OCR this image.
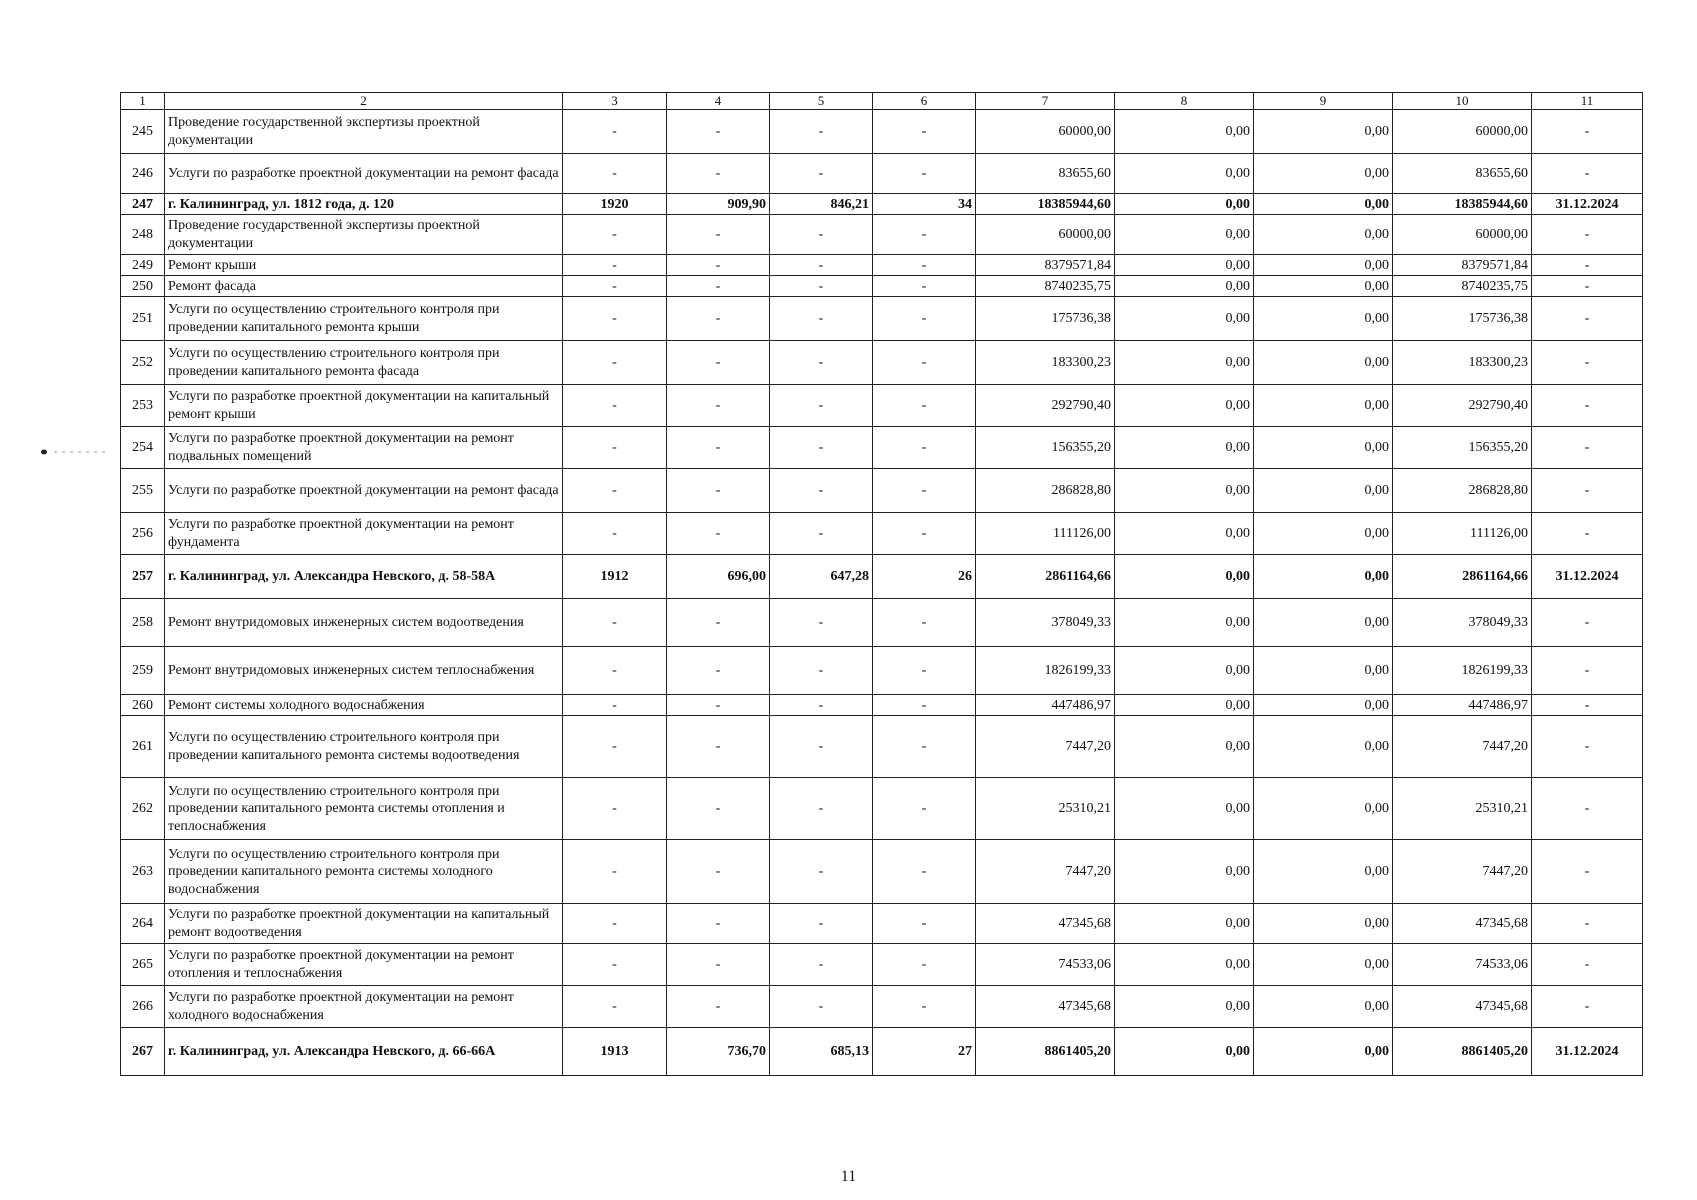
1	2	3	4	5	6	7	8	9	10	11
245	Проведение государственной экспертизы проектной документации	-	-	-	-	60000,00	0,00	0,00	60000,00	-
246	Услуги по разработке проектной документации на ремонт фасада	-	-	-	-	83655,60	0,00	0,00	83655,60	-
247	г. Калининград, ул. 1812 года, д. 120	1920	909,90	846,21	34	18385944,60	0,00	0,00	18385944,60	31.12.2024
248	Проведение государственной экспертизы проектной документации	-	-	-	-	60000,00	0,00	0,00	60000,00	-
249	Ремонт крыши	-	-	-	-	8379571,84	0,00	0,00	8379571,84	-
250	Ремонт фасада	-	-	-	-	8740235,75	0,00	0,00	8740235,75	-
251	Услуги по осуществлению строительного контроля при проведении капитального ремонта крыши	-	-	-	-	175736,38	0,00	0,00	175736,38	-
252	Услуги по осуществлению строительного контроля при проведении капитального ремонта фасада	-	-	-	-	183300,23	0,00	0,00	183300,23	-
253	Услуги по разработке проектной документации на капитальный ремонт крыши	-	-	-	-	292790,40	0,00	0,00	292790,40	-
254	Услуги по разработке проектной документации на ремонт подвальных помещений	-	-	-	-	156355,20	0,00	0,00	156355,20	-
255	Услуги по разработке проектной документации на ремонт фасада	-	-	-	-	286828,80	0,00	0,00	286828,80	-
256	Услуги по разработке проектной документации на ремонт фундамента	-	-	-	-	111126,00	0,00	0,00	111126,00	-
257	г. Калининград, ул. Александра Невского, д. 58-58А	1912	696,00	647,28	26	2861164,66	0,00	0,00	2861164,66	31.12.2024
258	Ремонт внутридомовых инженерных систем водоотведения	-	-	-	-	378049,33	0,00	0,00	378049,33	-
259	Ремонт внутридомовых инженерных систем теплоснабжения	-	-	-	-	1826199,33	0,00	0,00	1826199,33	-
260	Ремонт системы холодного водоснабжения	-	-	-	-	447486,97	0,00	0,00	447486,97	-
261	Услуги по осуществлению строительного контроля при проведении капитального ремонта системы водоотведения	-	-	-	-	7447,20	0,00	0,00	7447,20	-
262	Услуги по осуществлению строительного контроля при проведении капитального ремонта системы отопления и теплоснабжения	-	-	-	-	25310,21	0,00	0,00	25310,21	-
263	Услуги по осуществлению строительного контроля при проведении капитального ремонта системы холодного водоснабжения	-	-	-	-	7447,20	0,00	0,00	7447,20	-
264	Услуги по разработке проектной документации на капитальный ремонт водоотведения	-	-	-	-	47345,68	0,00	0,00	47345,68	-
265	Услуги по разработке проектной документации на ремонт отопления и теплоснабжения	-	-	-	-	74533,06	0,00	0,00	74533,06	-
266	Услуги по разработке проектной документации на ремонт холодного водоснабжения	-	-	-	-	47345,68	0,00	0,00	47345,68	-
267	г. Калининград, ул. Александра Невского, д. 66-66А	1913	736,70	685,13	27	8861405,20	0,00	0,00	8861405,20	31.12.2024
11
